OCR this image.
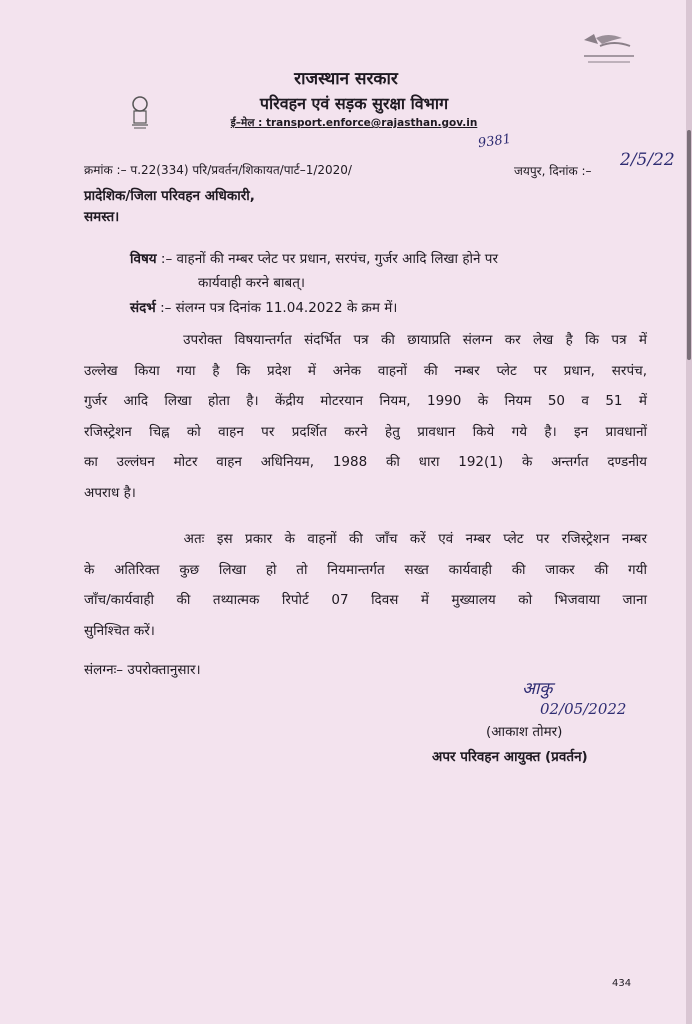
राजस्थान सरकार
परिवहन एवं सड़क सुरक्षा विभाग
ई–मेल : transport.enforce@rajasthan.gov.in
क्रमांक :– प.22(334) परि/प्रवर्तन/शिकायत/पार्ट–1/2020/
9381
जयपुर, दिनांक :–
2/5/22
प्रादेशिक/जिला परिवहन अधिकारी,
समस्त।
विषय :– वाहनों की नम्बर प्लेट पर प्रधान, सरपंच, गुर्जर आदि लिखा होने पर
कार्यवाही करने बाबत्।
संदर्भ :– संलग्न पत्र दिनांक 11.04.2022 के क्रम में।
उपरोक्त विषयान्तर्गत संदर्भित पत्र की छायाप्रति संलग्न कर लेख है कि पत्र में
उल्लेख किया गया है कि प्रदेश में अनेक वाहनों की नम्बर प्लेट पर प्रधान, सरपंच,
गुर्जर आदि लिखा होता है। केंद्रीय मोटरयान नियम, 1990 के नियम 50 व 51 में
रजिस्ट्रेशन चिह्न को वाहन पर प्रदर्शित करने हेतु प्रावधान किये गये है। इन प्रावधानों
का उल्लंघन मोटर वाहन अधिनियम, 1988 की धारा 192(1) के अन्तर्गत दण्डनीय
अपराध है।
अतः इस प्रकार के वाहनों की जाँच करें एवं नम्बर प्लेट पर रजिस्ट्रेशन नम्बर
के अतिरिक्त कुछ लिखा हो तो नियमान्तर्गत सख्त कार्यवाही की जाकर की गयी
जाँच/कार्यवाही की तथ्यात्मक रिपोर्ट 07 दिवस में मुख्यालय को भिजवाया जाना
सुनिश्चित करें।
संलग्नः– उपरोक्तानुसार।
आकु
02/05/2022
(आकाश तोमर)
अपर परिवहन आयुक्त (प्रवर्तन)
434
